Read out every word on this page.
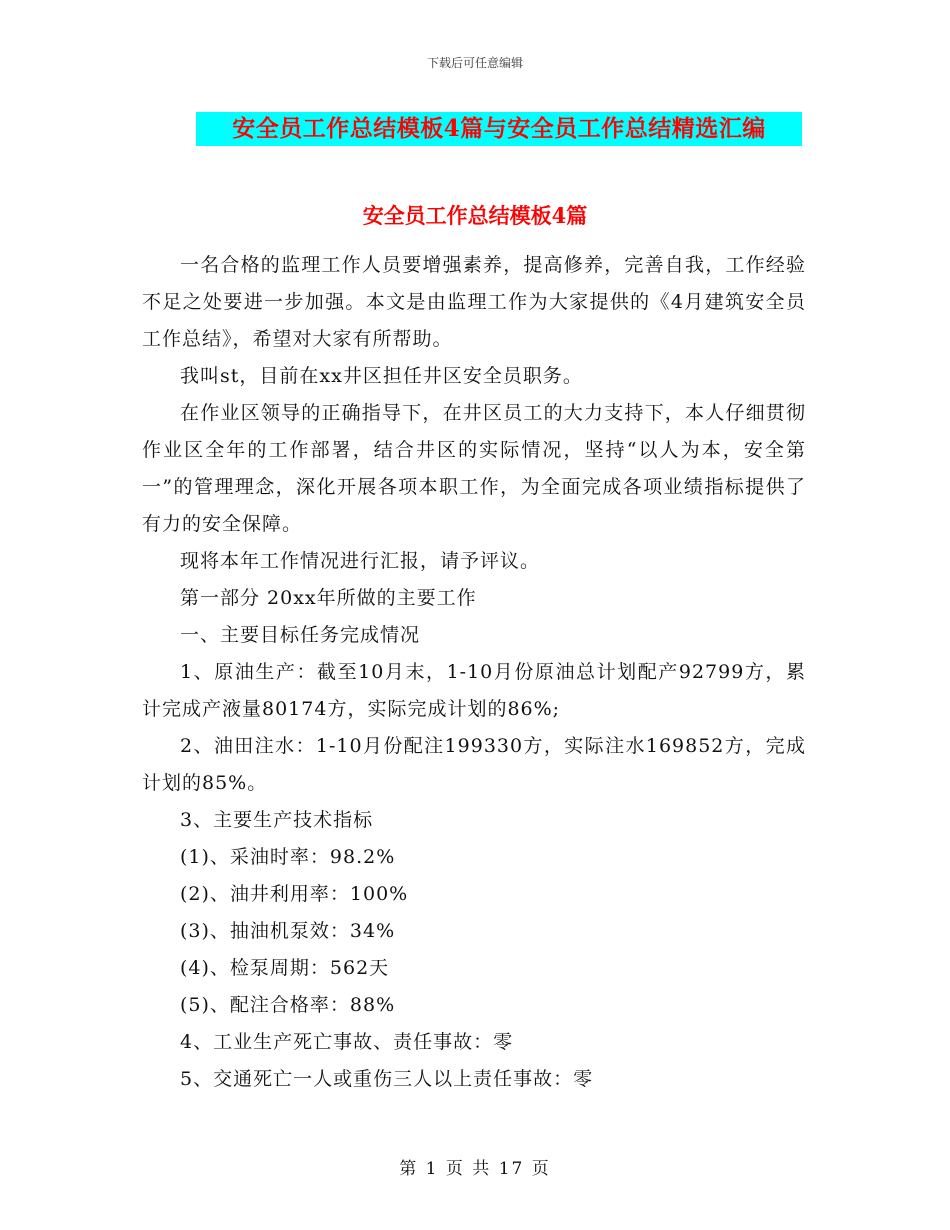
下载后可任意编辑
安全员工作总结模板4篇与安全员工作总结精选汇编
安全员工作总结模板4篇

一名合格的监理工作人员要增强素养，提高修养，完善自我，工作经验不足之处要进一步加强。本文是由监理工作为大家提供的《4月建筑安全员工作总结》，希望对大家有所帮助。

我叫st，目前在xx井区担任井区安全员职务。

在作业区领导的正确指导下，在井区员工的大力支持下，本人仔细贯彻作业区全年的工作部署，结合井区的实际情况，坚持“以人为本，安全第一”的管理理念，深化开展各项本职工作，为全面完成各项业绩指标提供了有力的安全保障。

现将本年工作情况进行汇报，请予评议。

第一部分 20xx年所做的主要工作

一、主要目标任务完成情况

1、原油生产：截至10月末，1-10月份原油总计划配产92799方，累计完成产液量80174方，实际完成计划的86%;

2、油田注水：1-10月份配注199330方，实际注水169852方，完成计划的85%。

3、主要生产技术指标

(1)、采油时率：98.2%

(2)、油井利用率：100%

(3)、抽油机泵效：34%

(4)、检泵周期：562天

(5)、配注合格率：88%

4、工业生产死亡事故、责任事故：零

5、交通死亡一人或重伤三人以上责任事故：零

第 1 页 共 17 页
